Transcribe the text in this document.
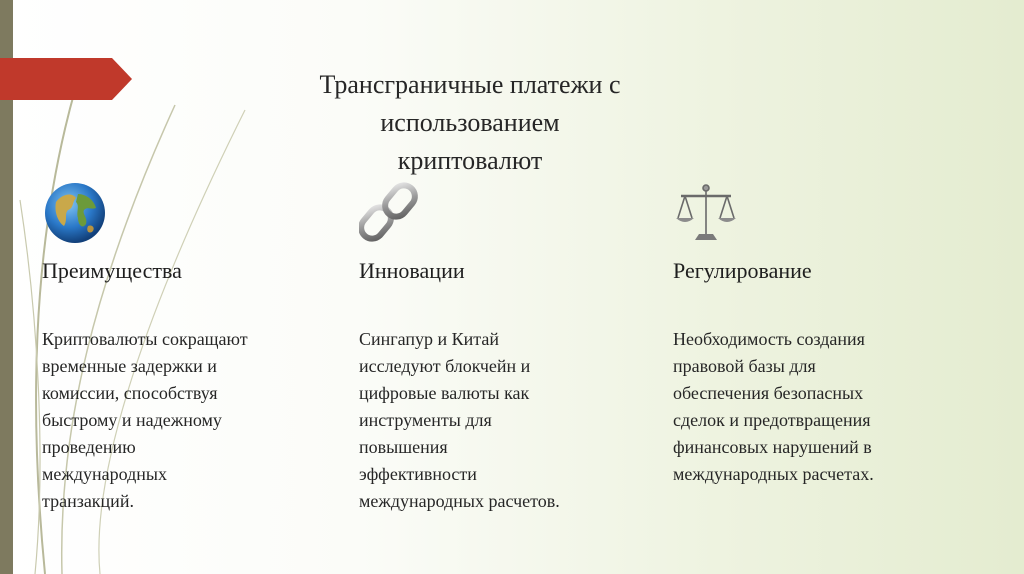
Трансграничные платежи с использованием
криптовалют
Преимущества
Криптовалюты сокращают
временные задержки и
комиссии, способствуя
быстрому и надежному
проведению
международных
транзакций.
Инновации
Сингапур и Китай
исследуют блокчейн и
цифровые валюты как
инструменты для
повышения
эффективности
международных расчетов.
Регулирование
Необходимость создания
правовой базы для
обеспечения безопасных
сделок и предотвращения
финансовых нарушений в
международных расчетах.
